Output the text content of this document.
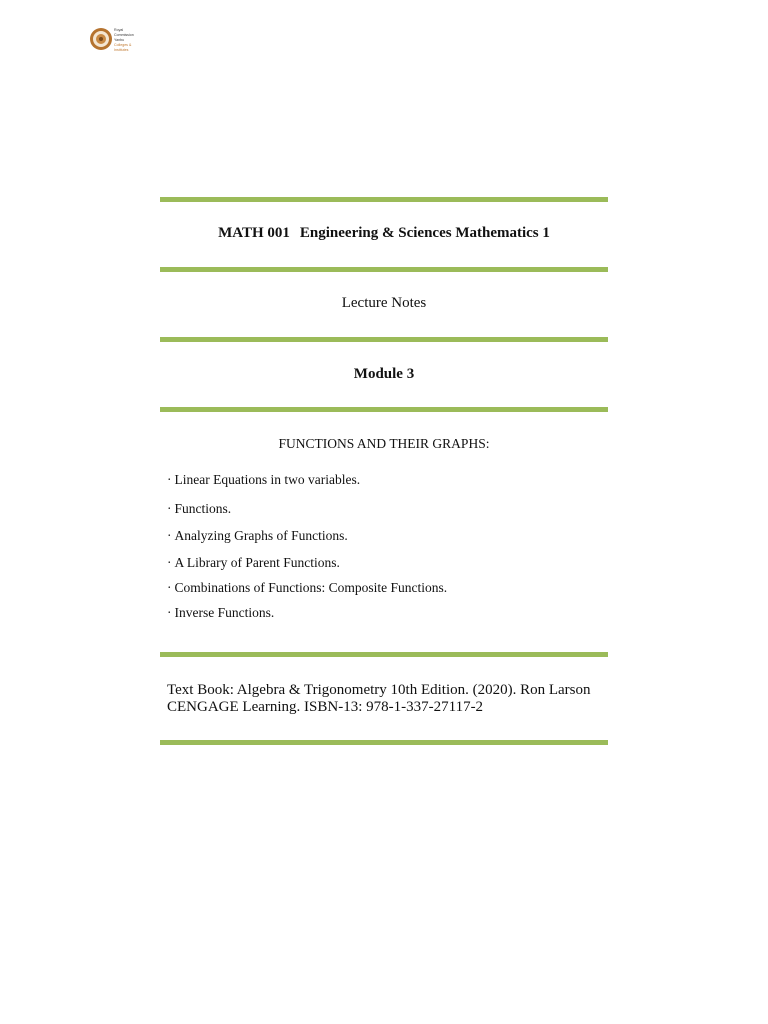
Royal
Commission
Yanbu
Colleges &
Institutes
MATH 001 Engineering & Sciences Mathematics 1
Lecture Notes
Module 3
FUNCTIONS AND THEIR GRAPHS:
· Linear Equations in two variables.
· Functions.
· Analyzing Graphs of Functions.
· A Library of Parent Functions.
· Combinations of Functions: Composite Functions.
· Inverse Functions.
Text Book: Algebra & Trigonometry 10th Edition. (2020). Ron Larson
CENGAGE Learning. ISBN-13: 978-1-337-27117-2
